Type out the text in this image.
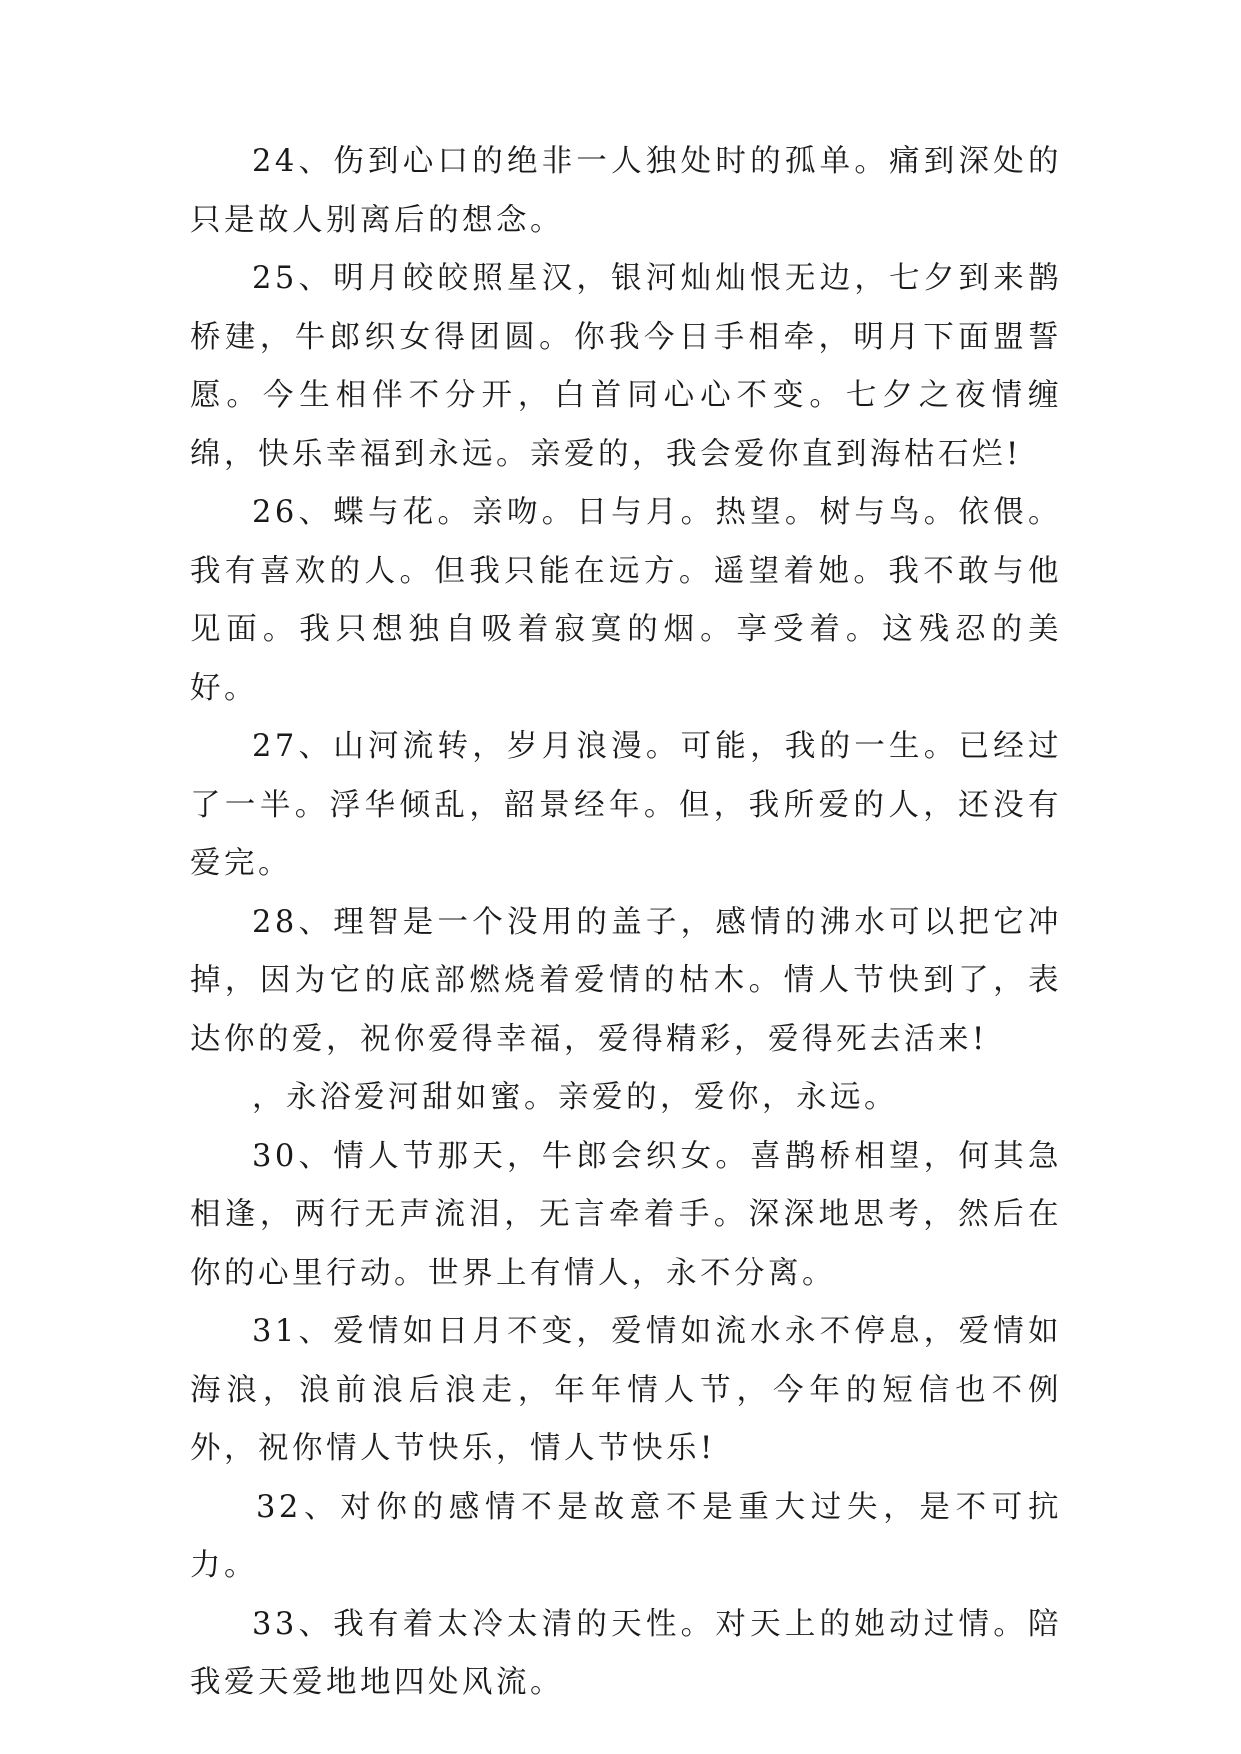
24、伤到心口的绝非一人独处时的孤单。痛到深处的只是故人别离后的想念。

25、明月皎皎照星汉，银河灿灿恨无边，七夕到来鹊桥建，牛郎织女得团圆。你我今日手相牵，明月下面盟誓愿。今生相伴不分开，白首同心心不变。七夕之夜情缠绵，快乐幸福到永远。亲爱的，我会爱你直到海枯石烂!

26、蝶与花。亲吻。日与月。热望。树与鸟。依偎。我有喜欢的人。但我只能在远方。遥望着她。我不敢与他见面。我只想独自吸着寂寞的烟。享受着。这残忍的美好。

27、山河流转，岁月浪漫。可能，我的一生。已经过了一半。浮华倾乱，韶景经年。但，我所爱的人，还没有爱完。

28、理智是一个没用的盖子，感情的沸水可以把它冲掉，因为它的底部燃烧着爱情的枯木。情人节快到了，表达你的爱，祝你爱得幸福，爱得精彩，爱得死去活来!

，永浴爱河甜如蜜。亲爱的，爱你，永远。

30、情人节那天，牛郎会织女。喜鹊桥相望，何其急相逢，两行无声流泪，无言牵着手。深深地思考，然后在你的心里行动。世界上有情人，永不分离。

31、爱情如日月不变，爱情如流水永不停息，爱情如海浪，浪前浪后浪走，年年情人节，今年的短信也不例外，祝你情人节快乐，情人节快乐!

32、对你的感情不是故意不是重大过失，是不可抗力。

33、我有着太冷太清的天性。对天上的她动过情。陪我爱天爱地地四处风流。
